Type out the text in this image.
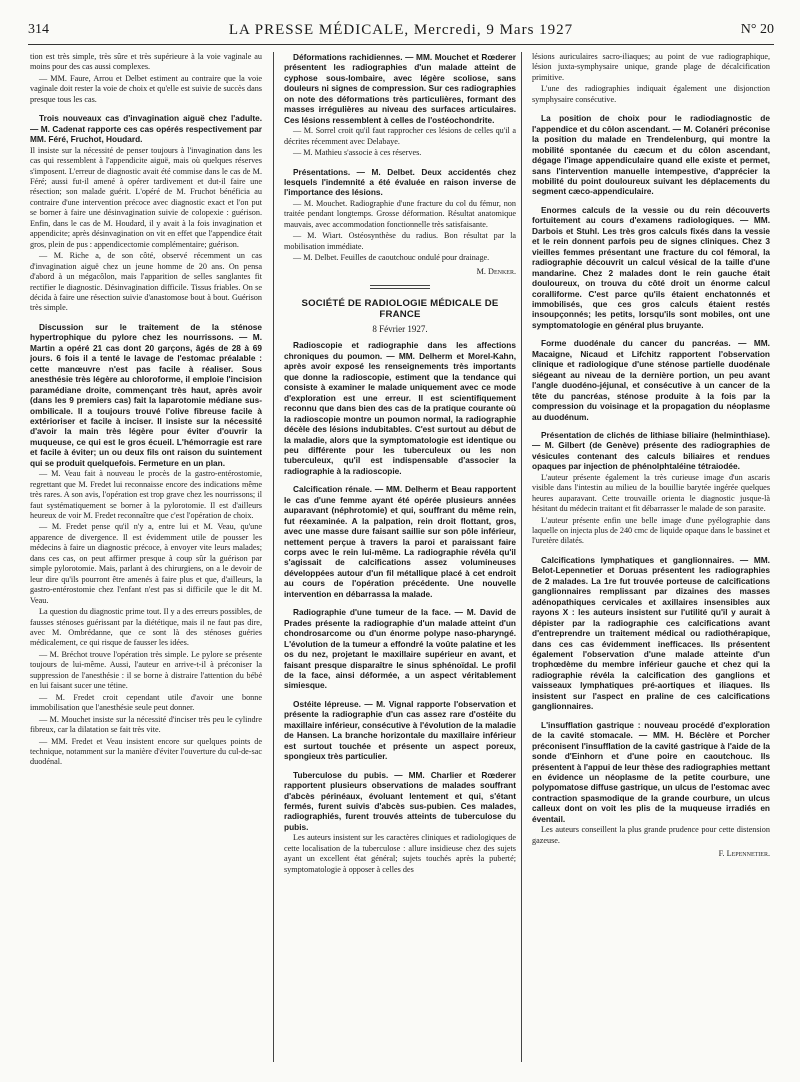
314	LA PRESSE MÉDICALE, Mercredi, 9 Mars 1927	N° 20

tion est très simple, très sûre et très supérieure à la voie vaginale au moins pour des cas aussi complexes.

— MM. Faure, Arrou et Delbet estiment au contraire que la voie vaginale doit rester la voie de choix et qu'elle est suivie de succès dans presque tous les cas.

Trois nouveaux cas d'invagination aiguë chez l'adulte. — M. Cadenat rapporte ces cas opérés respectivement par MM. Féré, Fruchot, Houdard.

Il insiste sur la nécessité de penser toujours à l'invagination dans les cas qui ressemblent à l'appendicite aiguë, mais où quelques réserves s'imposent. L'erreur de diagnostic avait été commise dans le cas de M. Féré; aussi fut-il amené à opérer tardivement et dut-il faire une résection; son malade guérit. L'opéré de M. Fruchot bénéficia au contraire d'une intervention précoce avec diagnostic exact et l'on put se borner à faire une désinvagination suivie de colopexie : guérison. Enfin, dans le cas de M. Houdard, il y avait à la fois invagination et appendicite; après désinvagination on vit en effet que l'appendice était gros, plein de pus : appendicectomie complémentaire; guérison.

— M. Riche a, de son côté, observé récemment un cas d'invagination aiguë chez un jeune homme de 20 ans. On pensa d'abord à un mégacôlon, mais l'apparition de selles sanglantes fit rectifier le diagnostic. Désinvagination difficile. Tissus friables. On se décida à faire une résection suivie d'anastomose bout à bout. Guérison très simple.

Discussion sur le traitement de la sténose hypertrophique du pylore chez les nourrissons. — M. Martin a opéré 21 cas dont 20 garçons, âgés de 28 à 69 jours. 6 fois il a tenté le lavage de l'estomac préalable : cette manœuvre n'est pas facile à réaliser. Sous anesthésie très légère au chloroforme, il emploie l'incision paramédiane droite, commençant très haut, après avoir (dans les 9 premiers cas) fait la laparotomie médiane sus-ombilicale. Il a toujours trouvé l'olive fibreuse facile à extérioriser et facile à inciser. Il insiste sur la nécessité d'avoir la main très légère pour éviter d'ouvrir la muqueuse, ce qui est le gros écueil. L'hémorragie est rare et facile à éviter; un ou deux fils ont raison du suintement qui se produit quelquefois. Fermeture en un plan.

— M. Veau fait à nouveau le procès de la gastro-entérostomie, regrettant que M. Fredet lui reconnaisse encore des indications même très rares. A son avis, l'opération est trop grave chez les nourrissons; il faut systématiquement se borner à la pylorotomie. Il est d'ailleurs heureux de voir M. Fredet reconnaître que c'est l'opération de choix.

— M. Fredet pense qu'il n'y a, entre lui et M. Veau, qu'une apparence de divergence. Il est évidemment utile de pousser les médecins à faire un diagnostic précoce, à envoyer vite leurs malades; dans ces cas, on peut affirmer presque à coup sûr la guérison par simple pylorotomie. Mais, parlant à des chirurgiens, on a le devoir de leur dire qu'ils pourront être amenés à faire plus et que, d'ailleurs, la gastro-entérostomie chez l'enfant n'est pas si difficile que le dit M. Veau.

La question du diagnostic prime tout. Il y a des erreurs possibles, de fausses sténoses guérissant par la diététique, mais il ne faut pas dire, avec M. Ombrédanne, que ce sont là des sténoses guéries médicalement, ce qui risque de fausser les idées.

— M. Bréchot trouve l'opération très simple. Le pylore se présente toujours de lui-même. Aussi, l'auteur en arrive-t-il à préconiser la suppression de l'anesthésie : il se borne à distraire l'attention du bébé en lui faisant sucer une tétine.

— M. Fredet croit cependant utile d'avoir une bonne immobilisation que l'anesthésie seule peut donner.

— M. Mouchet insiste sur la nécessité d'inciser très peu le cylindre fibreux, car la dilatation se fait très vite.

— MM. Fredet et Veau insistent encore sur quelques points de technique, notamment sur la manière d'éviter l'ouverture du cul-de-sac duodénal.

Déformations rachidiennes. — MM. Mouchet et Rœderer présentent les radiographies d'un malade atteint de cyphose sous-lombaire, avec légère scoliose, sans douleurs ni signes de compression. Sur ces radiographies on note des déformations très particulières, formant des masses irrégulières au niveau des surfaces articulaires. Ces lésions ressemblent à celles de l'ostéochondrite.

— M. Sorrel croit qu'il faut rapprocher ces lésions de celles qu'il a décrites récemment avec Delabaye.

— M. Mathieu s'associe à ces réserves.

Présentations. — M. Delbet. Deux accidentés chez lesquels l'indemnité a été évaluée en raison inverse de l'importance des lésions.

— M. Mouchet. Radiographie d'une fracture du col du fémur, non traitée pendant longtemps. Grosse déformation. Résultat anatomique mauvais, avec accommodation fonctionnelle très satisfaisante.

— M. Wiart. Ostéosynthèse du radius. Bon résultat par la mobilisation immédiate.

— M. Delbet. Feuilles de caoutchouc ondulé pour drainage.

M. Denker.

SOCIÉTÉ DE RADIOLOGIE MÉDICALE DE FRANCE

8 Février 1927.

Radioscopie et radiographie dans les affections chroniques du poumon. — MM. Delherm et Morel-Kahn, après avoir exposé les renseignements très importants que donne la radioscopie, estiment que la tendance qui consiste à examiner le malade uniquement avec ce mode d'exploration est une erreur. Il est scientifiquement reconnu que dans bien des cas de la pratique courante où la radioscopie montre un poumon normal, la radiographie décèle des lésions indubitables. C'est surtout au début de la maladie, alors que la symptomatologie est identique ou peu différente pour les tuberculeux ou les non tuberculeux, qu'il est indispensable d'associer la radiographie à la radioscopie.

Calcification rénale. — MM. Delherm et Beau rapportent le cas d'une femme ayant été opérée plusieurs années auparavant (néphrotomie) et qui, souffrant du même rein, fut réexaminée. A la palpation, rein droit flottant, gros, avec une masse dure faisant saillie sur son pôle inférieur, nettement perçue à travers la paroi et paraissant faire corps avec le rein lui-même. La radiographie révéla qu'il s'agissait de calcifications assez volumineuses développées autour d'un fil métallique placé à cet endroit au cours de l'opération précédente. Une nouvelle intervention en débarrassa la malade.

Radiographie d'une tumeur de la face. — M. David de Prades présente la radiographie d'un malade atteint d'un chondrosarcome ou d'un énorme polype naso-pharyngé. L'évolution de la tumeur a effondré la voûte palatine et les os du nez, projetant le maxillaire supérieur en avant, et faisant presque disparaître le sinus sphénoïdal. Le profil de la face, ainsi déformée, a un aspect véritablement simiesque.

Ostéite lépreuse. — M. Vignal rapporte l'observation et présente la radiographie d'un cas assez rare d'ostéite du maxillaire inférieur, consécutive à l'évolution de la maladie de Hansen. La branche horizontale du maxillaire inférieur est surtout touchée et présente un aspect poreux, spongieux très particulier.

Tuberculose du pubis. — MM. Charlier et Rœderer rapportent plusieurs observations de malades souffrant d'abcès périnéaux, évoluant lentement et qui, s'étant fermés, furent suivis d'abcès sus-pubien. Ces malades, radiographiés, furent trouvés atteints de tuberculose du pubis.

Les auteurs insistent sur les caractères cliniques et radiologiques de cette localisation de la tuberculose : allure insidieuse chez des sujets ayant un excellent état général; sujets touchés après la puberté; symptomatologie à opposer à celles des

lésions auriculaires sacro-iliaques; au point de vue radiographique, lésion juxta-symphysaire unique, grande plage de décalcification primitive.

L'une des radiographies indiquait également une disjonction symphysaire consécutive.

La position de choix pour le radiodiagnostic de l'appendice et du côlon ascendant. — M. Colanéri préconise la position du malade en Trendelenburg, qui montre la mobilité spontanée du cæcum et du côlon ascendant, dégage l'image appendiculaire quand elle existe et permet, sans l'intervention manuelle intempestive, d'apprécier la mobilité du point douloureux suivant les déplacements du segment cæco-appendiculaire.

Enormes calculs de la vessie ou du rein découverts fortuitement au cours d'examens radiologiques. — MM. Darbois et Stuhl. Les très gros calculs fixés dans la vessie et le rein donnent parfois peu de signes cliniques. Chez 3 vieilles femmes présentant une fracture du col fémoral, la radiographie découvrit un calcul vésical de la taille d'une mandarine. Chez 2 malades dont le rein gauche était douloureux, on trouva du côté droit un énorme calcul coralliforme. C'est parce qu'ils étaient enchatonnés et immobilisés, que ces gros calculs étaient restés insoupçonnés; les petits, lorsqu'ils sont mobiles, ont une symptomatologie en général plus bruyante.

Forme duodénale du cancer du pancréas. — MM. Macaigne, Nicaud et Lifchitz rapportent l'observation clinique et radiologique d'une sténose partielle duodénale siégeant au niveau de la dernière portion, un peu avant l'angle duodéno-jéjunal, et consécutive à un cancer de la tête du pancréas, sténose produite à la fois par la compression du voisinage et la propagation du néoplasme au duodénum.

Présentation de clichés de lithiase biliaire (helminthiase). — M. Gilbert (de Genève) présente des radiographies de vésicules contenant des calculs biliaires et rendues opaques par injection de phénolphtaléine tétraiodée.

L'auteur présente également la très curieuse image d'un ascaris visible dans l'intestin au milieu de la bouillie barytée ingérée quelques heures auparavant. Cette trouvaille orienta le diagnostic jusque-là hésitant du médecin traitant et fit débarrasser le malade de son parasite.

L'auteur présente enfin une belle image d'une pyélographie dans laquelle on injecta plus de 240 cmc de liquide opaque dans le bassinet et l'uretère dilatés.

Calcifications lymphatiques et ganglionnaires. — MM. Belot-Lepennetier et Doruas présentent les radiographies de 2 malades. La 1re fut trouvée porteuse de calcifications ganglionnaires remplissant par dizaines des masses adénopathiques cervicales et axillaires insensibles aux rayons X : les auteurs insistent sur l'utilité qu'il y aurait à dépister par la radiographie ces calcifications avant d'entreprendre un traitement médical ou radiothérapique, dans ces cas évidemment inefficaces. Ils présentent également l'observation d'une malade atteinte d'un trophœdème du membre inférieur gauche et chez qui la radiographie révéla la calcification des ganglions et vaisseaux lymphatiques pré-aortiques et iliaques. Ils insistent sur l'aspect en praline de ces calcifications ganglionnaires.

L'insufflation gastrique : nouveau procédé d'exploration de la cavité stomacale. — MM. H. Béclère et Porcher préconisent l'insufflation de la cavité gastrique à l'aide de la sonde d'Einhorn et d'une poire en caoutchouc. Ils présentent à l'appui de leur thèse des radiographies mettant en évidence un néoplasme de la petite courbure, une polypomatose diffuse gastrique, un ulcus de l'estomac avec contraction spasmodique de la grande courbure, un ulcus calleux dont on voit les plis de la muqueuse irradiés en éventail.

Les auteurs conseillent la plus grande prudence pour cette distension gazeuse.

F. Lepennetier.
